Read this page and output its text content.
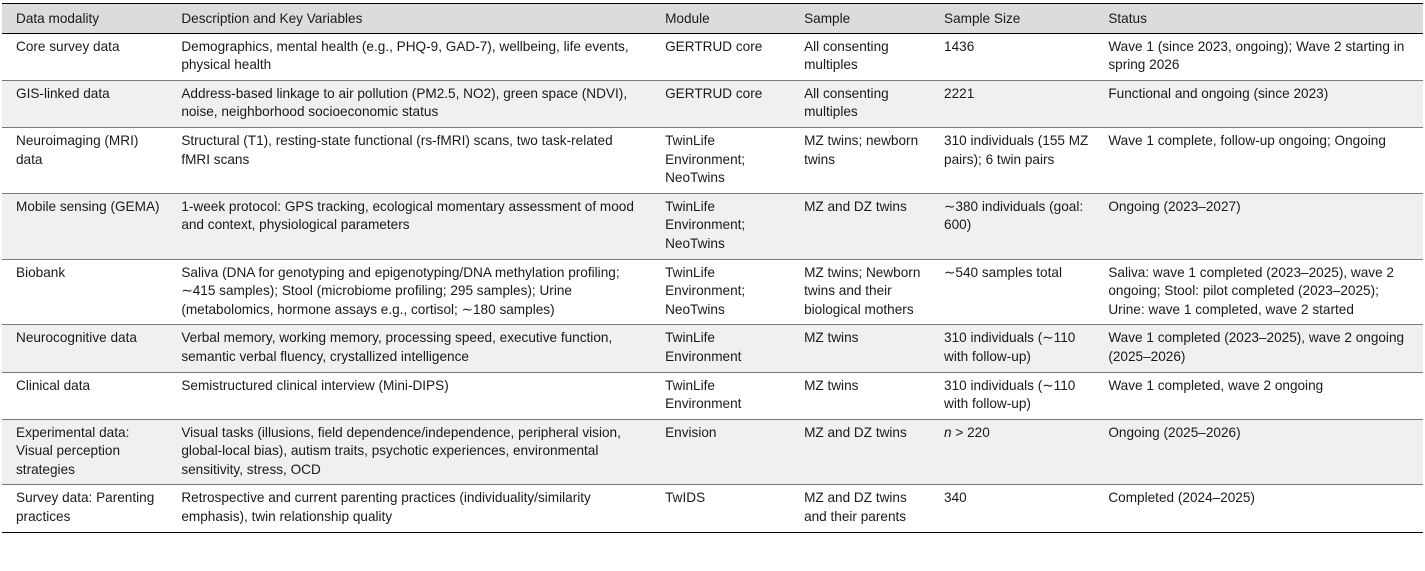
Data modality	Description and Key Variables	Module	Sample	Sample Size	Status
Core survey data	Demographics, mental health (e.g., PHQ-9, GAD-7), wellbeing, life events, physical health	GERTRUD core	All consenting multiples	1436	Wave 1 (since 2023, ongoing); Wave 2 starting in spring 2026
GIS-linked data	Address-based linkage to air pollution (PM2.5, NO2), green space (NDVI), noise, neighborhood socioeconomic status	GERTRUD core	All consenting multiples	2221	Functional and ongoing (since 2023)
Neuroimaging (MRI) data	Structural (T1), resting-state functional (rs-fMRI) scans, two task-related fMRI scans	TwinLife Environment; NeoTwins	MZ twins; newborn twins	310 individuals (155 MZ pairs); 6 twin pairs	Wave 1 complete, follow-up ongoing; Ongoing
Mobile sensing (GEMA)	1-week protocol: GPS tracking, ecological momentary assessment of mood and context, physiological parameters	TwinLife Environment; NeoTwins	MZ and DZ twins	∼380 individuals (goal: 600)	Ongoing (2023–2027)
Biobank	Saliva (DNA for genotyping and epigenotyping/DNA methylation profiling; ∼415 samples); Stool (microbiome profiling; 295 samples); Urine (metabolomics, hormone assays e.g., cortisol; ∼180 samples)	TwinLife Environment; NeoTwins	MZ twins; Newborn twins and their biological mothers	∼540 samples total	Saliva: wave 1 completed (2023–2025), wave 2 ongoing; Stool: pilot completed (2023–2025); Urine: wave 1 completed, wave 2 started
Neurocognitive data	Verbal memory, working memory, processing speed, executive function, semantic verbal fluency, crystallized intelligence	TwinLife Environment	MZ twins	310 individuals (∼110 with follow-up)	Wave 1 completed (2023–2025), wave 2 ongoing (2025–2026)
Clinical data	Semistructured clinical interview (Mini-DIPS)	TwinLife Environment	MZ twins	310 individuals (∼110 with follow-up)	Wave 1 completed, wave 2 ongoing
Experimental data: Visual perception strategies	Visual tasks (illusions, field dependence/independence, peripheral vision, global-local bias), autism traits, psychotic experiences, environmental sensitivity, stress, OCD	Envision	MZ and DZ twins	n > 220	Ongoing (2025–2026)
Survey data: Parenting practices	Retrospective and current parenting practices (individuality/similarity emphasis), twin relationship quality	TwIDS	MZ and DZ twins and their parents	340	Completed (2024–2025)
